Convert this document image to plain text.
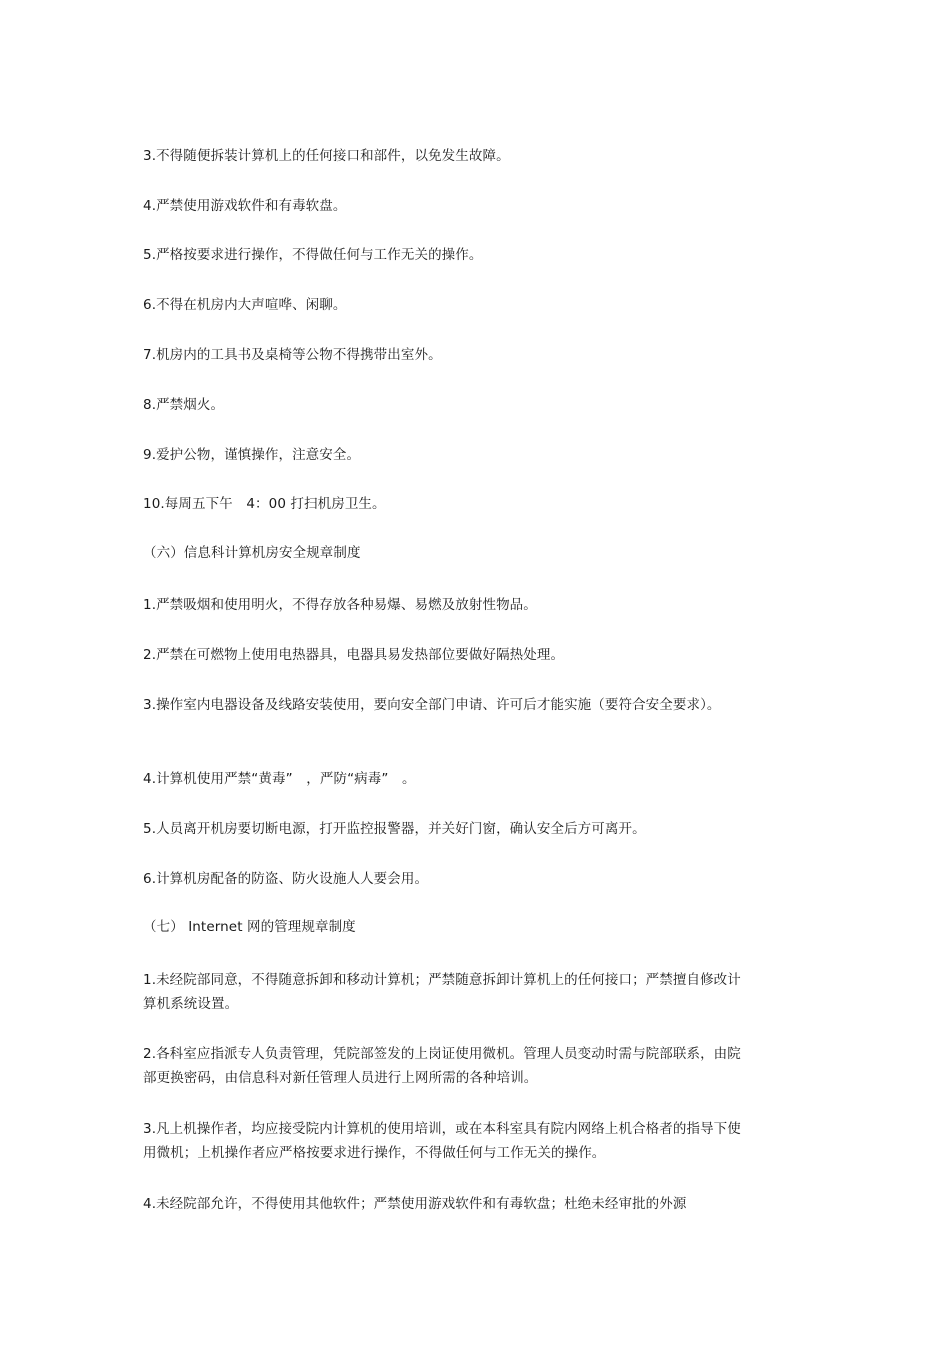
3.不得随便拆装计算机上的任何接口和部件，以免发生故障。

4.严禁使用游戏软件和有毒软盘。

5.严格按要求进行操作，不得做任何与工作无关的操作。

6.不得在机房内大声喧哗、闲聊。

7.机房内的工具书及桌椅等公物不得携带出室外。

8.严禁烟火。

9.爱护公物，谨慎操作，注意安全。

10.每周五下午　4：00 打扫机房卫生。

（六）信息科计算机房安全规章制度

1.严禁吸烟和使用明火，不得存放各种易爆、易燃及放射性物品。

2.严禁在可燃物上使用电热器具，电器具易发热部位要做好隔热处理。

3.操作室内电器设备及线路安装使用，要向安全部门申请、许可后才能实施（要符合安全要求）。

4.计算机使用严禁“黄毒”　，严防“病毒”　。

5.人员离开机房要切断电源，打开监控报警器，并关好门窗，确认安全后方可离开。

6.计算机房配备的防盗、防火设施人人要会用。

（七） Internet 网的管理规章制度

1.未经院部同意，不得随意拆卸和移动计算机；严禁随意拆卸计算机上的任何接口；严禁擅自修改计算机系统设置。

2.各科室应指派专人负责管理，凭院部签发的上岗证使用微机。管理人员变动时需与院部联系，由院部更换密码，由信息科对新任管理人员进行上网所需的各种培训。

3.凡上机操作者，均应接受院内计算机的使用培训，或在本科室具有院内网络上机合格者的指导下使用微机；上机操作者应严格按要求进行操作，不得做任何与工作无关的操作。

4.未经院部允许，不得使用其他软件；严禁使用游戏软件和有毒软盘；杜绝未经审批的外源
